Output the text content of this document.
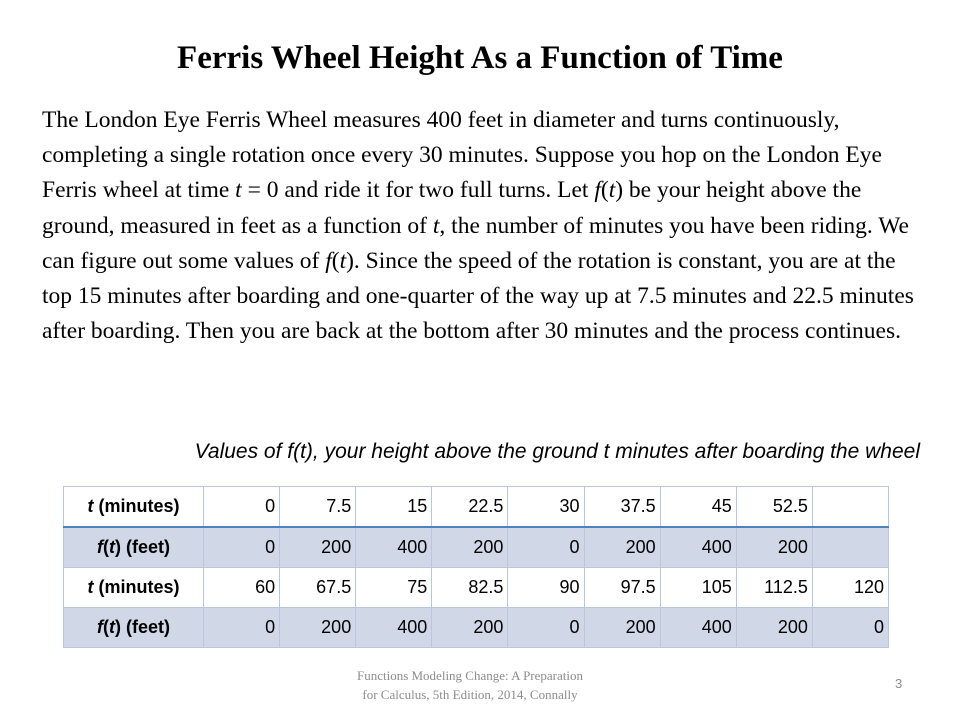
Ferris Wheel Height As a Function of Time
The London Eye Ferris Wheel measures 400 feet in diameter and turns continuously, completing a single rotation once every 30 minutes. Suppose you hop on the London Eye Ferris wheel at time t = 0 and ride it for two full turns. Let f(t) be your height above the ground, measured in feet as a function of t, the number of minutes you have been riding. We can figure out some values of f(t). Since the speed of the rotation is constant, you are at the top 15 minutes after boarding and one-quarter of the way up at 7.5 minutes and 22.5 minutes after boarding. Then you are back at the bottom after 30 minutes and the process continues.
Values of f(t), your height above the ground t minutes after boarding the wheel
t (minutes)	0	7.5	15	22.5	30	37.5	45	52.5	
f(t) (feet)	0	200	400	200	0	200	400	200	
t (minutes)	60	67.5	75	82.5	90	97.5	105	112.5	120
f(t) (feet)	0	200	400	200	0	200	400	200	0
Functions Modeling Change: A Preparation
for Calculus, 5th Edition, 2014, Connally
3
